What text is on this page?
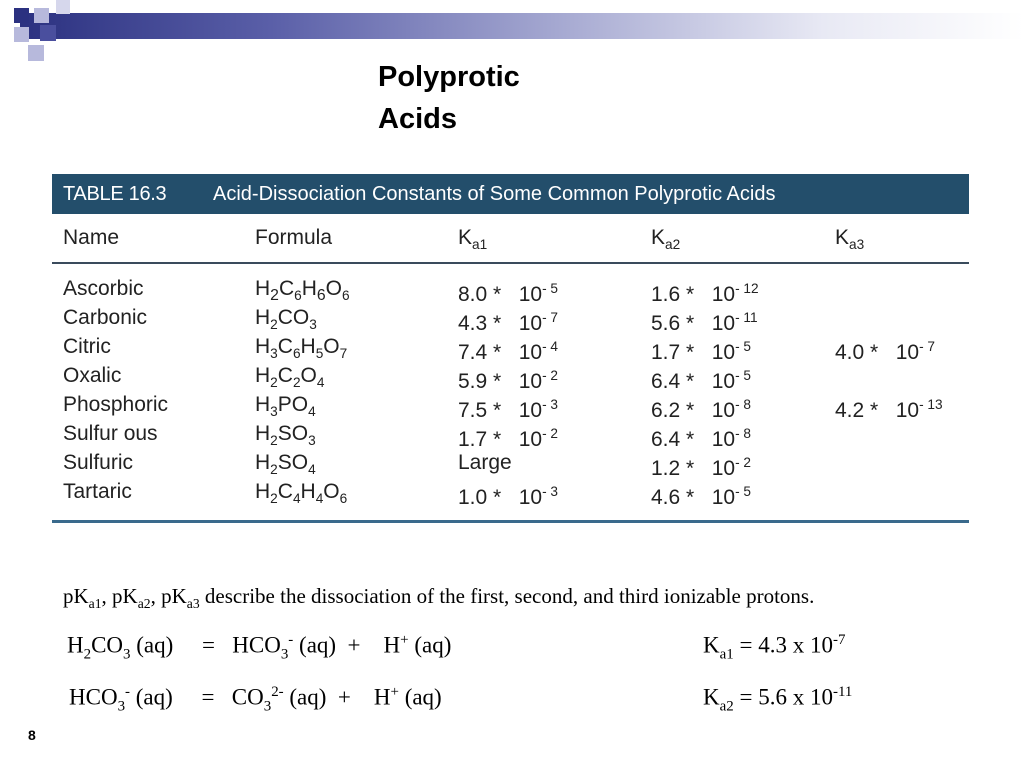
Polyprotic
Acids
TABLE 16.3	Acid-Dissociation Constants of Some Common Polyprotic Acids
Name	Formula	$K_{a1}$	$K_{a2}$	$K_{a3}$
Ascorbic	$H_2C_6H_6O_6$	$8.0 * 10^{- 5}$	$1.6 * 10^{- 12}$
Carbonic	$H_2CO_3$	$4.3 * 10^{- 7}$	$5.6 * 10^{- 11}$
Citric	$H_3C_6H_5O_7$	$7.4 * 10^{- 4}$	$1.7 * 10^{- 5}$	$4.0 * 10^{- 7}$
Oxalic	$H_2C_2O_4$	$5.9 * 10^{- 2}$	$6.4 * 10^{- 5}$
Phosphoric	$H_3PO_4$	$7.5 * 10^{- 3}$	$6.2 * 10^{- 8}$	$4.2 * 10^{- 13}$
Sulfur ous	$H_2SO_3$	$1.7 * 10^{- 2}$	$6.4 * 10^{- 8}$
Sulfuric	$H_2SO_4$	Large	$1.2 * 10^{- 2}$
Tartaric	$H_2C_4H_4O_6$	$1.0 * 10^{- 3}$	$4.6 * 10^{- 5}$
$pK_{a1}$, $pK_{a2}$, $pK_{a3}$ describe the dissociation of the first, second, and third ionizable protons.
$H_2CO_3$ (aq)     =   $HCO_3^-$ (aq)  +    H+ (aq)	$K_{a1} = 4.3$ x $10^{-7}$
$HCO_3^-$ (aq)     =   $CO_3^{2-}$ (aq)  +    H+ (aq)	$K_{a2} = 5.6$ x $10^{-11}$
8
